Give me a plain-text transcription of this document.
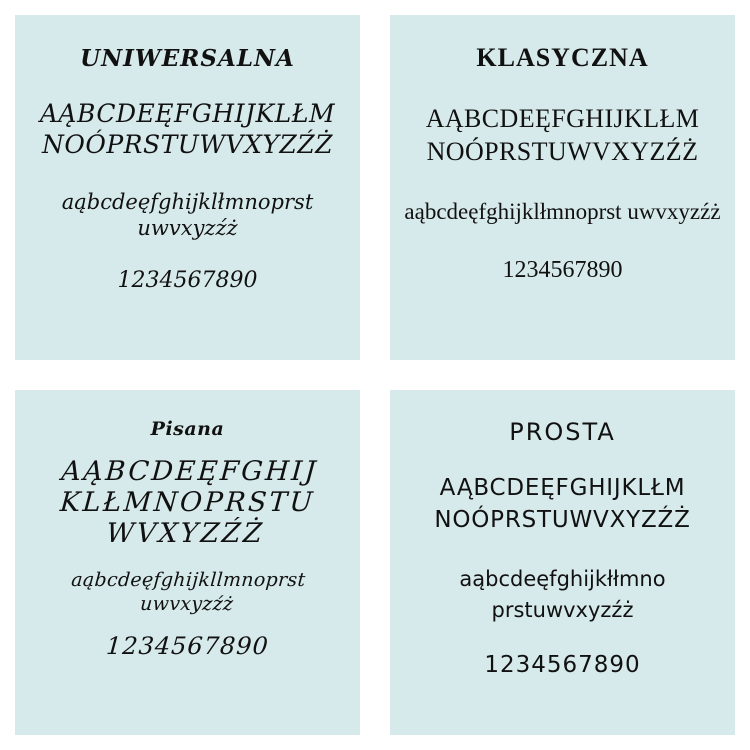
UNIWERSALNA
AĄBCDEĘFGHIJKLŁM NOÓPRSTUWVXYZŹŻ
aąbcdeęfghijklłmnoprst uwvxyzźż
1234567890
KLASYCZNA
AĄBCDEĘFGHIJKLŁM NOÓPRSTUWVXYZŹŻ
aąbcdeęfghijklłmnoprst uwvxyzźż
1234567890
Pisana
AĄBCDEĘFGHIJ KLŁMNOPRSTU WVXYZŹŻ
aąbcdeęfghijkllmnoprst uwvxyzźż
1234567890
PROSTA
AĄBCDEĘFGHIJKLŁM NOÓPRSTUWVXYZŹŻ
aąbcdeęfghijkłłmno prstuwvxyzźż
1234567890
